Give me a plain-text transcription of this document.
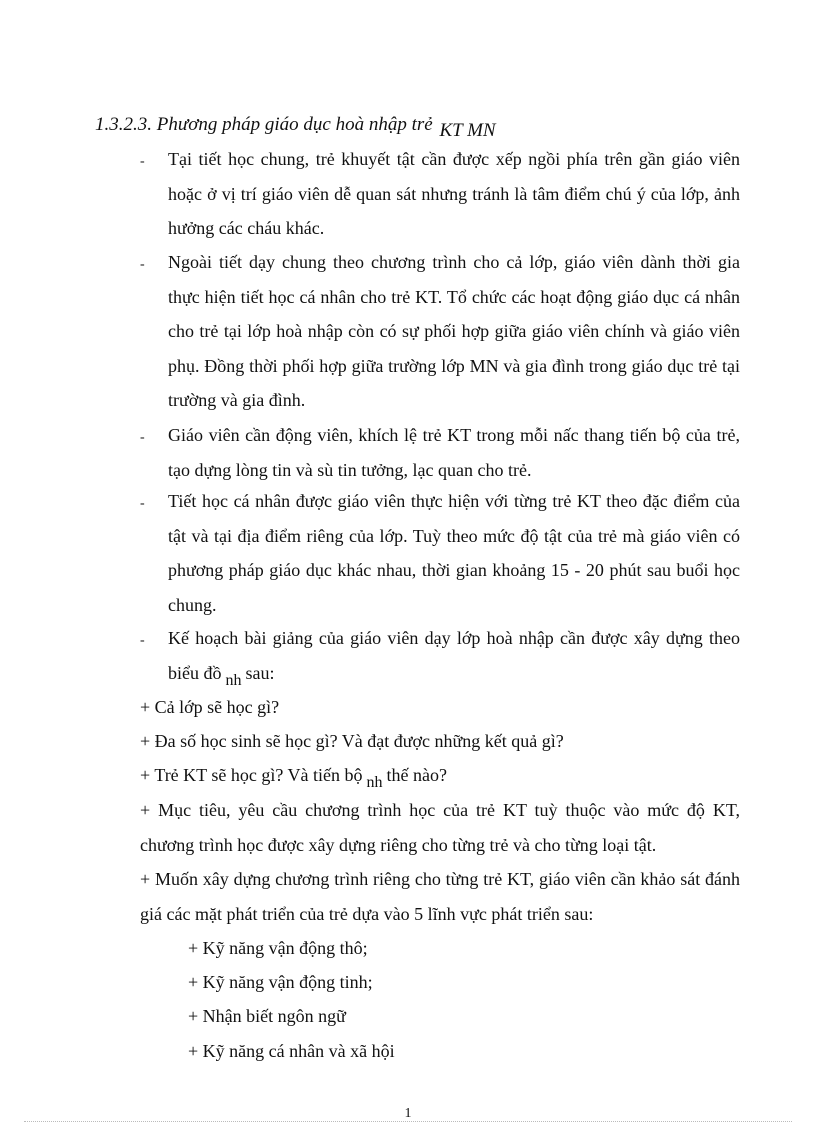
1.3.2.3. Phương pháp giáo dục hoà nhập trẻ KT MN
- Tại tiết học chung, trẻ khuyết tật cần được xếp ngồi phía trên gần giáo viên hoặc ở vị trí giáo viên dễ quan sát nhưng tránh là tâm điểm chú ý của lớp, ảnh hưởng các cháu khác.
- Ngoài tiết dạy chung theo chương trình cho cả lớp, giáo viên dành thời gia thực hiện tiết học cá nhân cho trẻ KT. Tổ chức các hoạt động giáo dục cá nhân cho trẻ tại lớp hoà nhập còn có sự phối hợp giữa giáo viên chính và giáo viên phụ. Đồng thời phối hợp giữa trường lớp MN và gia đình trong giáo dục trẻ tại trường và gia đình.
- Giáo viên cần động viên, khích lệ trẻ KT trong mỗi nấc thang tiến bộ của trẻ, tạo dựng lòng tin và sù tin tưởng, lạc quan cho trẻ.
- Tiết học cá nhân được giáo viên thực hiện với từng trẻ KT theo đặc điểm của tật và tại địa điểm riêng của lớp. Tuỳ theo mức độ tật của trẻ mà giáo viên có phương pháp giáo dục khác nhau, thời gian khoảng 15 - 20 phút sau buổi học chung.
- Kế hoạch bài giảng của giáo viên dạy lớp hoà nhập cần được xây dựng theo biểu đồ nh sau:
+ Cả lớp sẽ học gì?
+ Đa số học sinh sẽ học gì? Và đạt được những kết quả gì?
+ Trẻ KT sẽ học gì? Và tiến bộ nh thế nào?
+ Mục tiêu, yêu cầu chương trình học của trẻ KT tuỳ thuộc vào mức độ KT, chương trình học được xây dựng riêng cho từng trẻ và cho từng loại tật.
+ Muốn xây dựng chương trình riêng cho từng trẻ KT, giáo viên cần khảo sát đánh giá các mặt phát triển của trẻ dựa vào 5 lĩnh vực phát triển sau:
+ Kỹ năng vận động thô;
+ Kỹ năng vận động tinh;
+ Nhận biết ngôn ngữ
+ Kỹ năng cá nhân và xã hội
1
